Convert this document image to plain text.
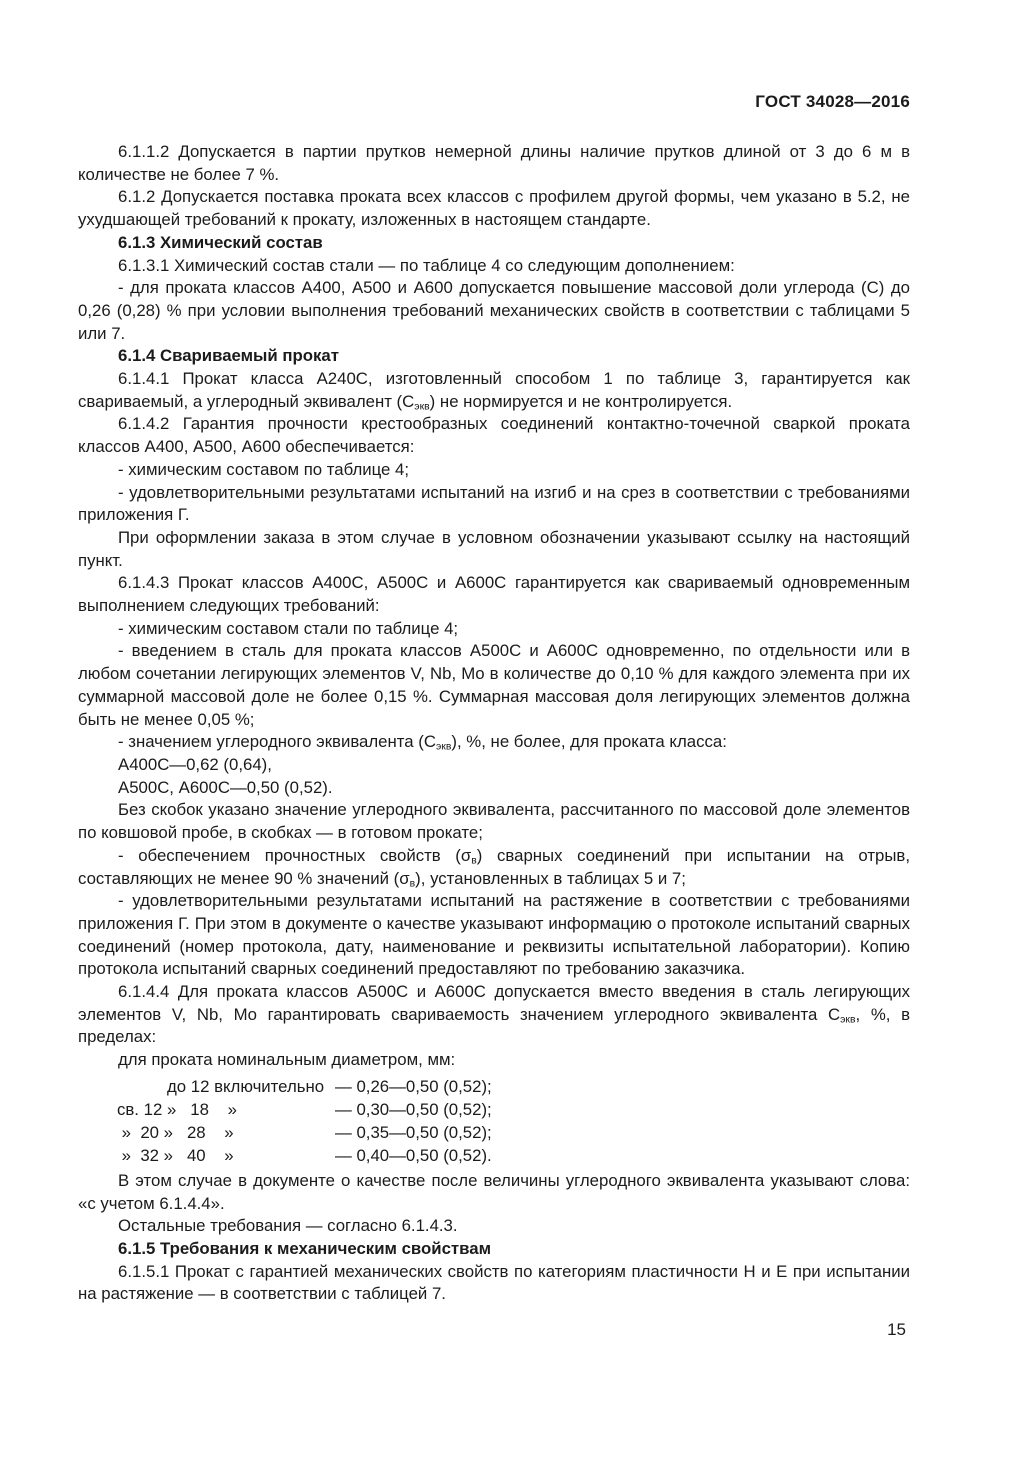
ГОСТ 34028—2016

6.1.1.2 Допускается в партии прутков немерной длины наличие прутков длиной от 3 до 6 м в количестве не более 7 %.

6.1.2 Допускается поставка проката всех классов с профилем другой формы, чем указано в 5.2, не ухудшающей требований к прокату, изложенных в настоящем стандарте.

6.1.3 Химический состав

6.1.3.1 Химический состав стали — по таблице 4 со следующим дополнением:

- для проката классов А400, А500 и А600 допускается повышение массовой доли углерода (С) до 0,26 (0,28) % при условии выполнения требований механических свойств в соответствии с таблицами 5 или 7.

6.1.4 Свариваемый прокат

6.1.4.1 Прокат класса А240С, изготовленный способом 1 по таблице 3, гарантируется как свариваемый, а углеродный эквивалент $(С_{экв})$ не нормируется и не контролируется.

6.1.4.2 Гарантия прочности крестообразных соединений контактно-точечной сваркой проката классов А400, А500, А600 обеспечивается:

- химическим составом по таблице 4;

- удовлетворительными результатами испытаний на изгиб и на срез в соответствии с требованиями приложения Г.

При оформлении заказа в этом случае в условном обозначении указывают ссылку на настоящий пункт.

6.1.4.3 Прокат классов А400С, А500С и А600С гарантируется как свариваемый одновременным выполнением следующих требований:

- химическим составом стали по таблице 4;

- введением в сталь для проката классов А500С и А600С одновременно, по отдельности или в любом сочетании легирующих элементов V, Nb, Mo в количестве до 0,10 % для каждого элемента при их суммарной массовой доле не более 0,15 %. Суммарная массовая доля легирующих элементов должна быть не менее 0,05 %;

- значением углеродного эквивалента $(С_{экв})$, %, не более, для проката класса:

А400С—0,62 (0,64),

А500С, А600С—0,50 (0,52).

Без скобок указано значение углеродного эквивалента, рассчитанного по массовой доле элементов по ковшовой пробе, в скобках — в готовом прокате;

- обеспечением прочностных свойств $(\sigma_в)$ сварных соединений при испытании на отрыв, составляющих не менее 90 % значений $(\sigma_в)$, установленных в таблицах 5 и 7;

- удовлетворительными результатами испытаний на растяжение в соответствии с требованиями приложения Г. При этом в документе о качестве указывают информацию о протоколе испытаний сварных соединений (номер протокола, дату, наименование и реквизиты испытательной лаборатории). Копию протокола испытаний сварных соединений предоставляют по требованию заказчика.

6.1.4.4 Для проката классов А500С и А600С допускается вместо введения в сталь легирующих элементов V, Nb, Mo гарантировать свариваемость значением углеродного эквивалента $С_{экв}$, %, в пределах:

для проката номинальным диаметром, мм:

до 12 включительно — 0,26—0,50 (0,52);
св. 12 »   18    »	— 0,30—0,50 (0,52);
»  20 »   28    »	— 0,35—0,50 (0,52);
»  32 »   40    »	— 0,40—0,50 (0,52).

В этом случае в документе о качестве после величины углеродного эквивалента указывают слова: «с учетом 6.1.4.4».

Остальные требования — согласно 6.1.4.3.

6.1.5 Требования к механическим свойствам

6.1.5.1 Прокат с гарантией механических свойств по категориям пластичности Н и Е при испытании на растяжение — в соответствии с таблицей 7.

15
